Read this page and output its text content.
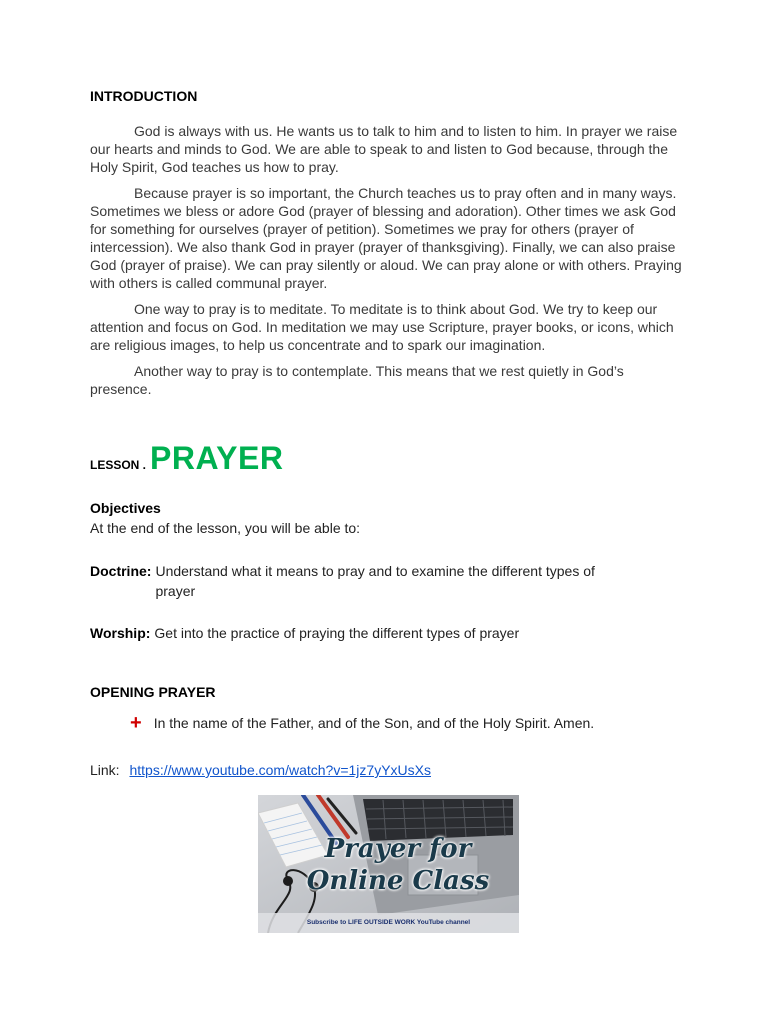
INTRODUCTION

God is always with us. He wants us to talk to him and to listen to him. In prayer we raise our hearts and minds to God. We are able to speak to and listen to God because, through the Holy Spirit, God teaches us how to pray.

Because prayer is so important, the Church teaches us to pray often and in many ways. Sometimes we bless or adore God (prayer of blessing and adoration). Other times we ask God for something for ourselves (prayer of petition). Sometimes we pray for others (prayer of intercession). We also thank God in prayer (prayer of thanksgiving). Finally, we can also praise God (prayer of praise). We can pray silently or aloud. We can pray alone or with others. Praying with others is called communal prayer.

One way to pray is to meditate. To meditate is to think about God. We try to keep our attention and focus on God. In meditation we may use Scripture, prayer books, or icons, which are religious images, to help us concentrate and to spark our imagination.

Another way to pray is to contemplate. This means that we rest quietly in God’s presence.

LESSON . PRAYER
Objectives
At the end of the lesson, you will be able to:
Doctrine: Understand what it means to pray and to examine the different types of prayer
Worship: Get into the practice of praying the different types of prayer
OPENING PRAYER
+ In the name of the Father, and of the Son, and of the Holy Spirit. Amen.
Link: https://www.youtube.com/watch?v=1jz7yYxUsXs
Prayer for
Online Class
Subscribe to LIFE OUTSIDE WORK YouTube channel
